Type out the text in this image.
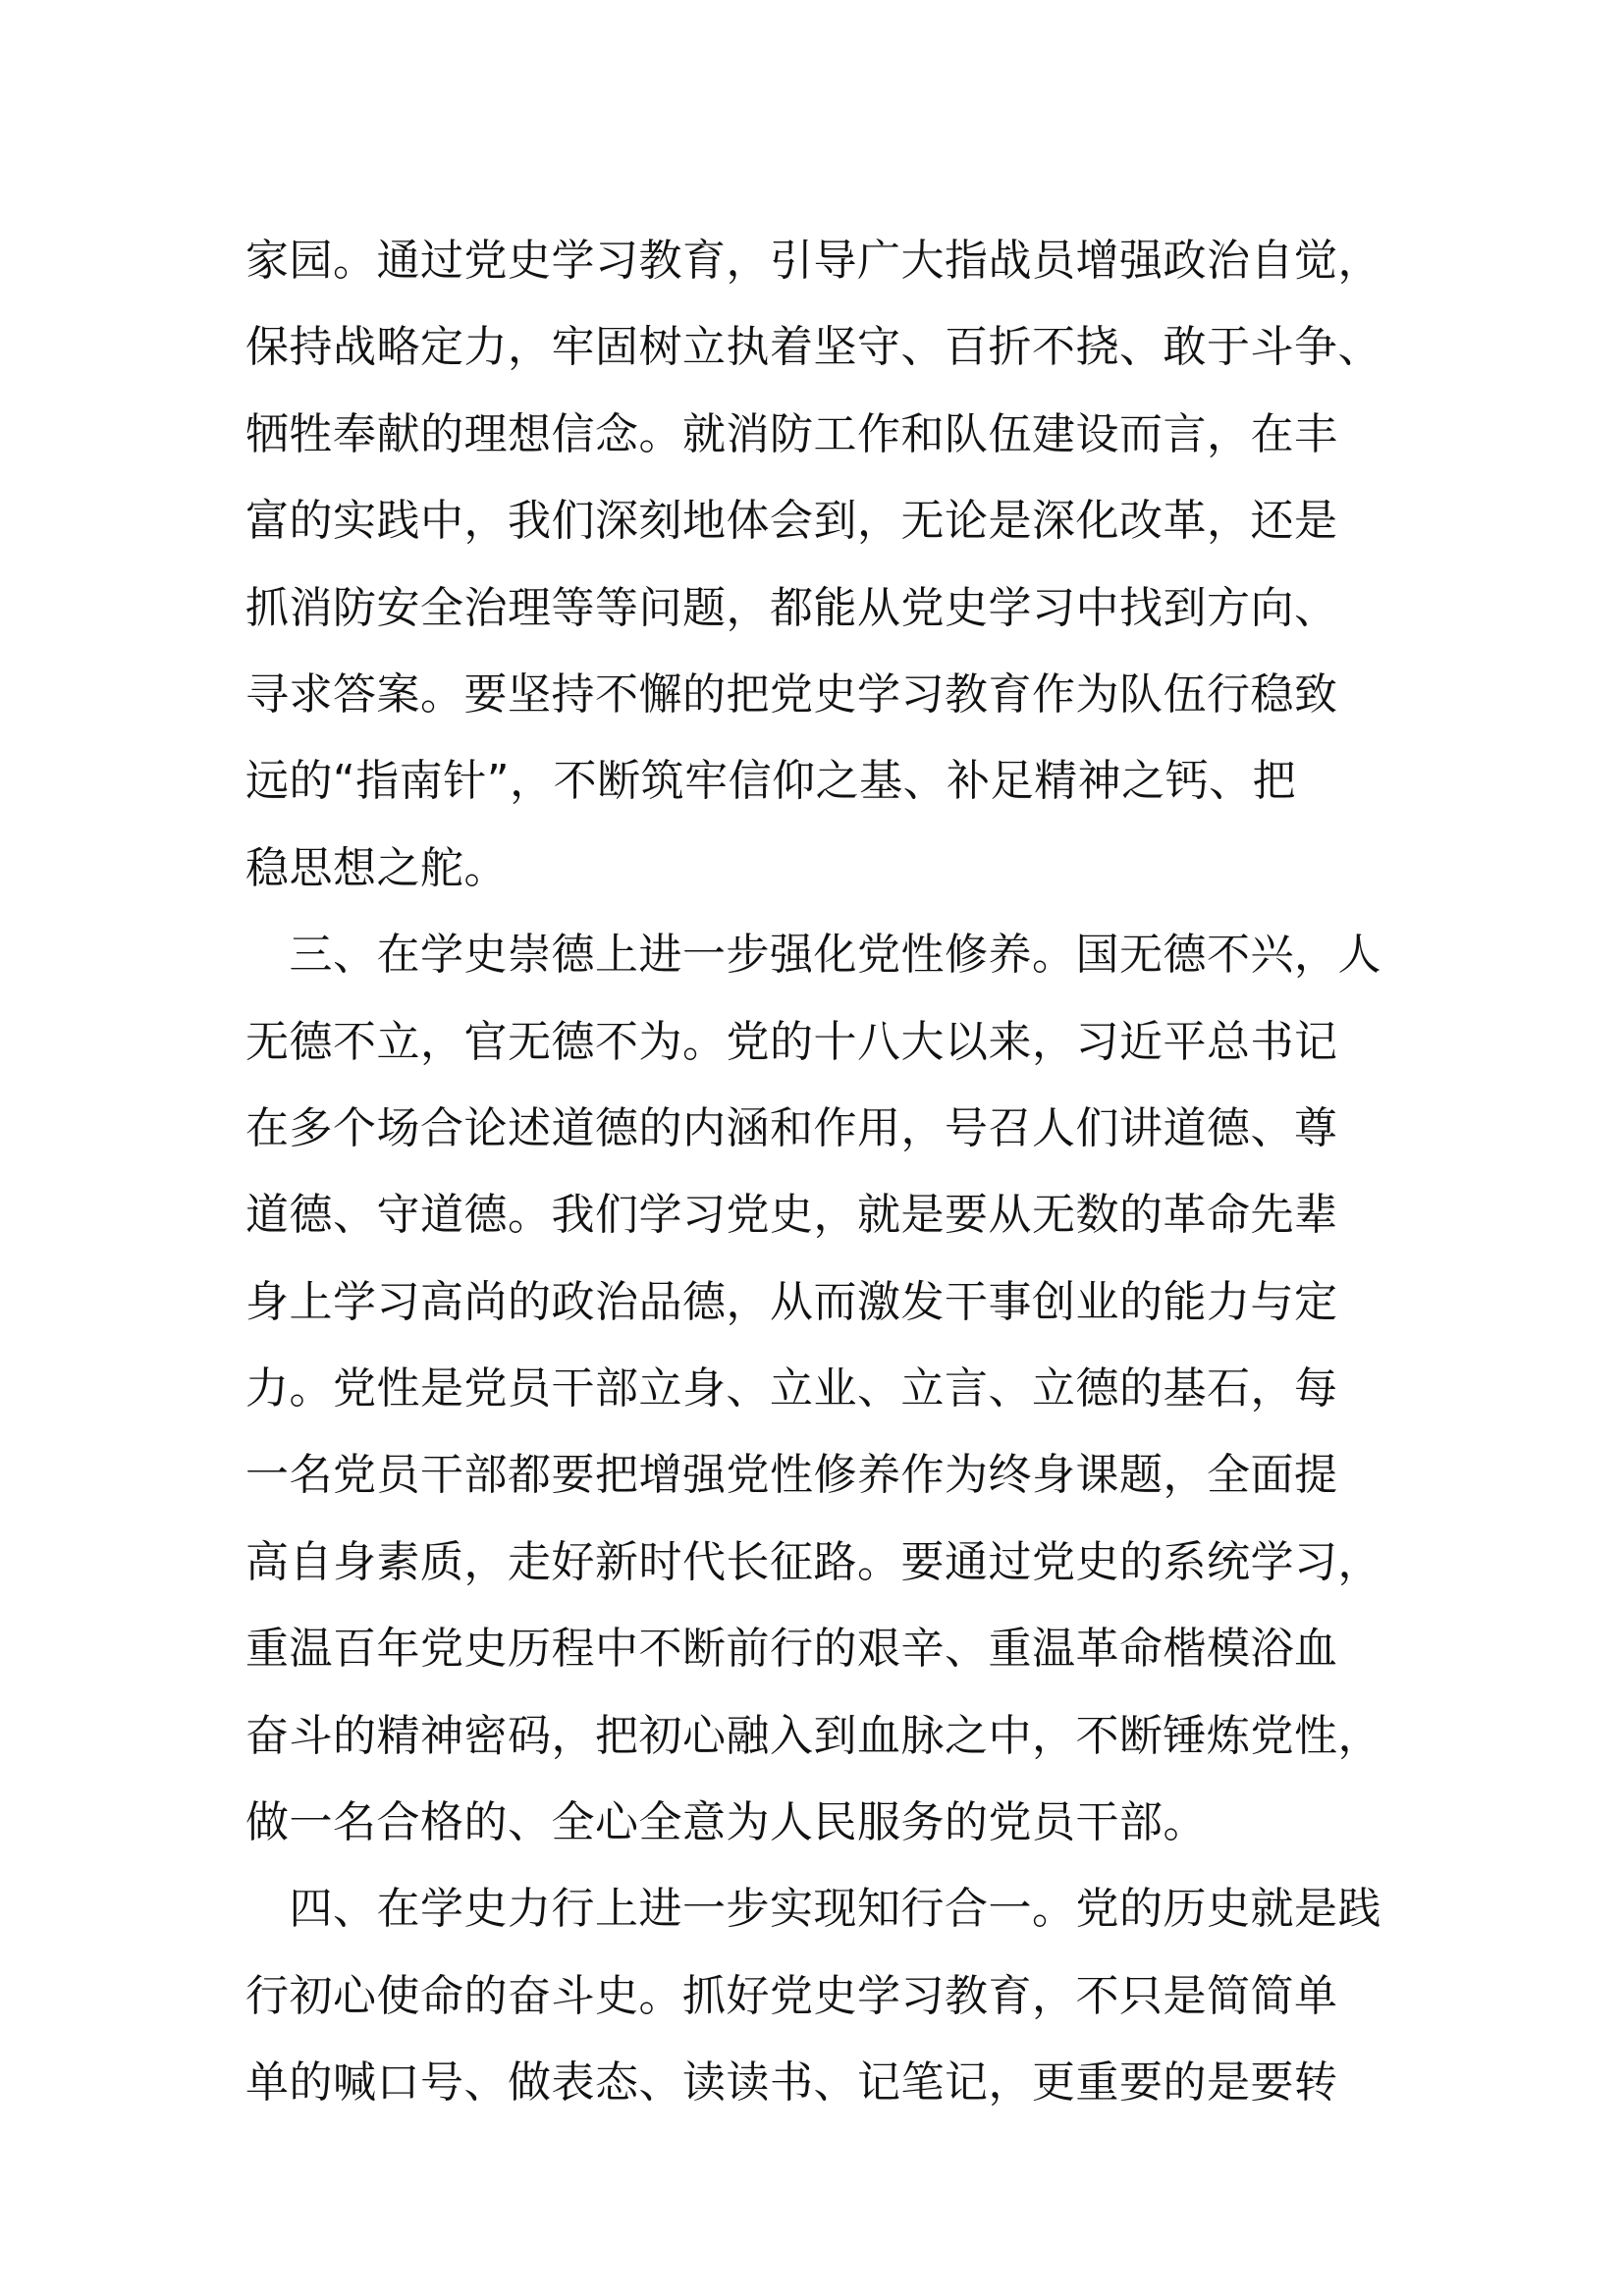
家园。通过党史学习教育，引导广大指战员增强政治自觉，
保持战略定力，牢固树立执着坚守、百折不挠、敢于斗争、
牺牲奉献的理想信念。就消防工作和队伍建设而言，在丰
富的实践中，我们深刻地体会到，无论是深化改革，还是
抓消防安全治理等等问题，都能从党史学习中找到方向、
寻求答案。要坚持不懈的把党史学习教育作为队伍行稳致
远的“指南针”，不断筑牢信仰之基、补足精神之钙、把
稳思想之舵。
　三、在学史崇德上进一步强化党性修养。国无德不兴，人
无德不立，官无德不为。党的十八大以来，习近平总书记
在多个场合论述道德的内涵和作用，号召人们讲道德、尊
道德、守道德。我们学习党史，就是要从无数的革命先辈
身上学习高尚的政治品德，从而激发干事创业的能力与定
力。党性是党员干部立身、立业、立言、立德的基石，每
一名党员干部都要把增强党性修养作为终身课题，全面提
高自身素质，走好新时代长征路。要通过党史的系统学习，
重温百年党史历程中不断前行的艰辛、重温革命楷模浴血
奋斗的精神密码，把初心融入到血脉之中，不断锤炼党性，
做一名合格的、全心全意为人民服务的党员干部。
　四、在学史力行上进一步实现知行合一。党的历史就是践
行初心使命的奋斗史。抓好党史学习教育，不只是简简单
单的喊口号、做表态、读读书、记笔记，更重要的是要转
